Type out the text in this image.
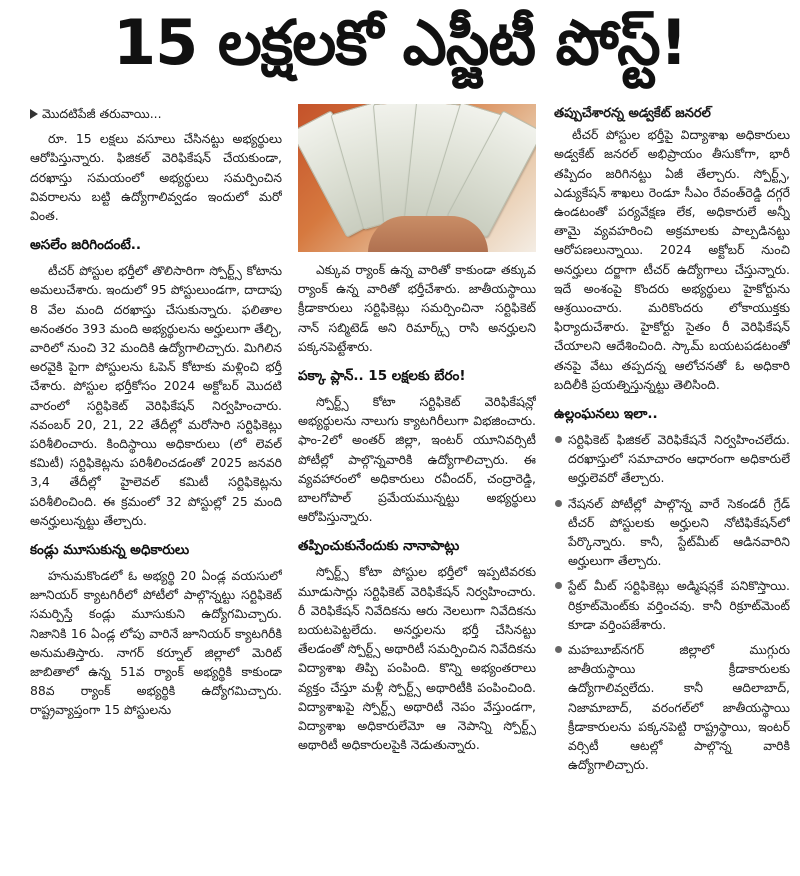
15 లక్షలకో ఎస్జీటీ పోస్ట్!
మొదటిపేజీ తరువాయి...

రూ. 15 లక్షలు వసూలు చేసినట్టు అభ్యర్థులు ఆరోపిస్తున్నారు. ఫిజికల్ వెరిఫికేషన్ చేయకుండా, దరఖాస్తు సమయంలో అభ్యర్థులు సమర్పించిన వివరాలను బట్టి ఉద్యోగాలివ్వడం ఇందులో మరో వింత.

అసలేం జరిగిందంటే..

టీచర్ పోస్టుల భర్తీలో తొలిసారిగా స్పోర్ట్స్ కోటాను అమలుచేశారు. ఇందులో 95 పోస్టులుండగా, దాదాపు 8 వేల మంది దరఖాస్తు చేసుకున్నారు. ఫలితాల అనంతరం 393 మంది అభ్యర్థులను అర్హులుగా తేల్చి, వారిలో నుంచి 32 మందికి ఉద్యోగాలిచ్చారు. మిగిలిన అరవైకి పైగా పోస్టులను ఓపెన్ కోటాకు మళ్లించి భర్తీ చేశారు. పోస్టుల భర్తీకోసం 2024 అక్టోబర్ మొదటి వారంలో సర్టిఫికెట్ వెరిఫికేషన్ నిర్వహించారు. నవంబర్ 20, 21, 22 తేదీల్లో మరోసారి సర్టిఫికెట్లు పరిశీలించారు. కిందిస్థాయి అధికారులు (లో లెవల్ కమిటీ) సర్టిఫికెట్లను పరిశీలించడంతో 2025 జనవరి 3,4 తేదీల్లో హైలెవల్ కమిటీ సర్టిఫికెట్లను పరిశీలించింది. ఈ క్రమంలో 32 పోస్టుల్లో 25 మంది అనర్హులున్నట్టు తేల్చారు.

కండ్లు మూసుకున్న అధికారులు

హనుమకొండలో ఓ అభ్యర్థి 20 ఏండ్ల వయసులో జూనియర్ క్యాటగిరీలో పోటీలో పాల్గొన్నట్టు సర్టిఫికెట్ సమర్పిస్తే కండ్లు మూసుకుని ఉద్యోగమిచ్చారు. నిజానికి 16 ఏండ్ల లోపు వారినే జూనియర్ క్యాటగిరీకి అనుమతిస్తారు. నాగర్ కర్నూల్ జిల్లాలో మెరిట్ జాబితాలో ఉన్న 51వ ర్యాంక్ అభ్యర్థికి కాకుండా 88వ ర్యాంక్ అభ్యర్థికి ఉద్యోగమిచ్చారు. రాష్ట్రవ్యాప్తంగా 15 పోస్టులను

ఎక్కువ ర్యాంక్ ఉన్న వారితో కాకుండా తక్కువ ర్యాంక్ ఉన్న వారితో భర్తీచేశారు. జాతీయస్థాయి క్రీడాకారులు సర్టిఫికెట్లు సమర్పించినా సర్టిఫికెట్ నాన్ సబ్మిటెడ్ అని రిమార్క్స్ రాసి అనర్హులని పక్కనపెట్టేశారు.

పక్కా ప్లాన్.. 15 లక్షలకు బేరం!

స్పోర్ట్స్ కోటా సర్టిఫికెట్ వెరిఫికేషన్లో అభ్యర్థులను నాలుగు క్యాటగిరీలుగా విభజించారు. ఫాం-2లో అంతర్ జిల్లా, ఇంటర్ యూనివర్సిటీ పోటీల్లో పాల్గొన్నవారికి ఉద్యోగాలిచ్చారు. ఈ వ్యవహారంలో అధికారులు రవీందర్, చంద్రారెడ్డి, బాలగోపాల్ ప్రమేయమున్నట్టు అభ్యర్థులు ఆరోపిస్తున్నారు.

తప్పించుకునేందుకు నానాపాట్లు

స్పోర్ట్స్ కోటా పోస్టుల భర్తీలో ఇప్పటివరకు మూడుసార్లు సర్టిఫికెట్ వెరిఫికేషన్ నిర్వహించారు. రీ వెరిఫికేషన్ నివేదికను ఆరు నెలలుగా నివేదికను బయటపెట్టలేదు. అనర్హులను భర్తీ చేసినట్టు తేలడంతో స్పోర్ట్స్ అథారిటీ సమర్పించిన నివేదికను విద్యాశాఖ తిప్పి పంపింది. కొన్ని అభ్యంతరాలు వ్యక్తం చేస్తూ మళ్లీ స్పోర్ట్స్ అథారిటీకి పంపించింది. విద్యాశాఖపై స్పోర్ట్స్ అథారిటీ నెపం వేస్తుండగా, విద్యాశాఖ అధికారులేమో ఆ నెపాన్ని స్పోర్ట్స్ అథారిటీ అధికారులపైకి నెడుతున్నారు.

తప్పుచేశారన్న అడ్వకేట్ జనరల్

టీచర్ పోస్టుల భర్తీపై విద్యాశాఖ అధికారులు అడ్వకేట్ జనరల్ అభిప్రాయం తీసుకోగా, భారీ తప్పిదం జరిగినట్టు ఏజీ తేల్చారు. స్పోర్ట్స్, ఎడ్యుకేషన్ శాఖలు రెండూ సీఎం రేవంత్‌రెడ్డి దగ్గరే ఉండటంతో పర్యవేక్షణ లేక, అధికారులే అన్నీ తామై వ్యవహరించి అక్రమాలకు పాల్పడినట్టు ఆరోపణలున్నాయి. 2024 అక్టోబర్ నుంచి అనర్హులు దర్జాగా టీచర్ ఉద్యోగాలు చేస్తున్నారు. ఇదే అంశంపై కొందరు అభ్యర్థులు హైకోర్టును ఆశ్రయించారు. మరికొందరు లోకాయుక్తకు ఫిర్యాదుచేశారు. హైకోర్టు సైతం రీ వెరిఫికేషన్ చేయాలని ఆదేశించింది. స్కామ్ బయటపడటంతో తనపై వేటు తప్పదన్న ఆలోచనతో ఓ అధికారి బదిలీకి ప్రయత్నిస్తున్నట్టు తెలిసింది.

ఉల్లంఘనలు ఇలా..
సర్టిఫికెట్ ఫిజికల్ వెరిఫికేషనే నిర్వహించలేదు. దరఖాస్తులో సమాచారం ఆధారంగా అధికారులే అర్హులెవరో తేల్చారు.
నేషనల్ పోటీల్లో పాల్గొన్న వారే సెకండరీ గ్రేడ్ టీచర్ పోస్టులకు అర్హులని నోటిఫికేషన్‌లో పేర్కొన్నారు. కానీ, స్టేట్‌మీట్ ఆడినవారిని అర్హులుగా తేల్చారు.
స్టేట్ మీట్ సర్టిఫికెట్లు అడ్మిషన్లకే పనికొస్తాయి. రిక్రూట్‌మెంట్‌కు వర్తించవు. కానీ రిక్రూట్‌మెంట్ కూడా వర్తింపజేశారు.
మహబూబ్‌నగర్ జిల్లాలో ముగ్గురు జాతీయస్థాయి క్రీడాకారులకు ఉద్యోగాలివ్వలేదు. కానీ ఆదిలాబాద్, నిజామాబాద్, వరంగల్‌లో జాతీయస్థాయి క్రీడాకారులను పక్కనపెట్టి రాష్ట్రస్థాయి, ఇంటర్ వర్సిటీ ఆటల్లో పాల్గొన్న వారికి ఉద్యోగాలిచ్చారు.
